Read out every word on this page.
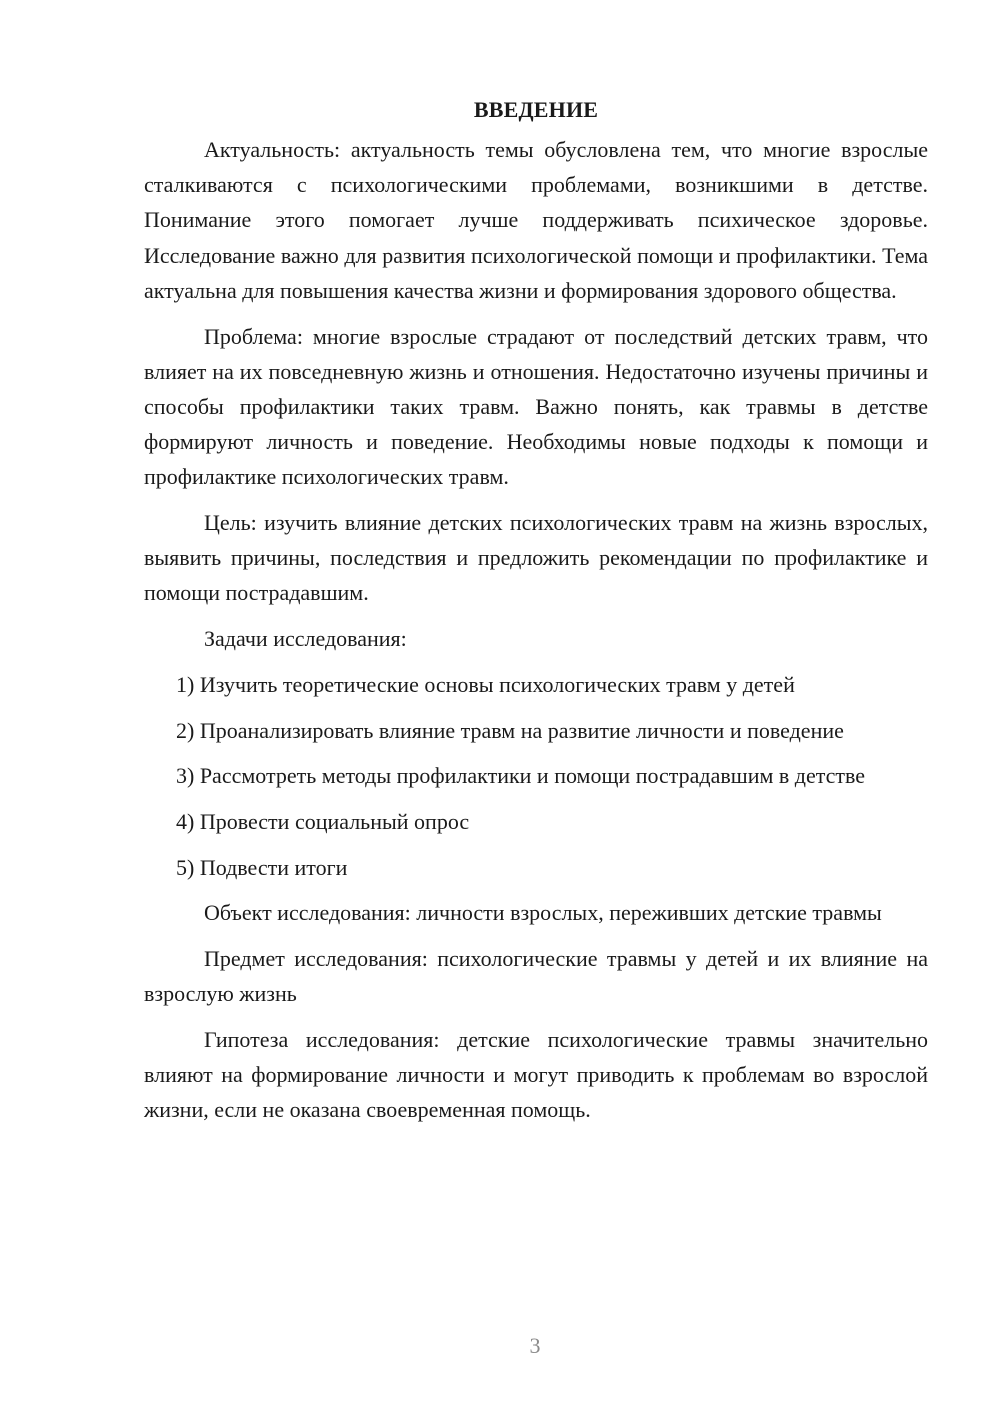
ВВЕДЕНИЕ

Актуальность: актуальность темы обусловлена тем, что многие взрослые сталкиваются с психологическими проблемами, возникшими в детстве. Понимание этого помогает лучше поддерживать психическое здоровье. Исследование важно для развития психологической помощи и профилактики. Тема актуальна для повышения качества жизни и формирования здорового общества.

Проблема: многие взрослые страдают от последствий детских травм, что влияет на их повседневную жизнь и отношения. Недостаточно изучены причины и способы профилактики таких травм. Важно понять, как травмы в детстве формируют личность и поведение. Необходимы новые подходы к помощи и профилактике психологических травм.

Цель: изучить влияние детских психологических травм на жизнь взрослых, выявить причины, последствия и предложить рекомендации по профилактике и помощи пострадавшим.

Задачи исследования:

1) Изучить теоретические основы психологических травм у детей

2) Проанализировать влияние травм на развитие личности и поведение

3) Рассмотреть методы профилактики и помощи пострадавшим в детстве

4) Провести социальный опрос

5) Подвести итоги

Объект исследования: личности взрослых, переживших детские травмы

Предмет исследования: психологические травмы у детей и их влияние на взрослую жизнь

Гипотеза исследования: детские психологические травмы значительно влияют на формирование личности и могут приводить к проблемам во взрослой жизни, если не оказана своевременная помощь.

3
